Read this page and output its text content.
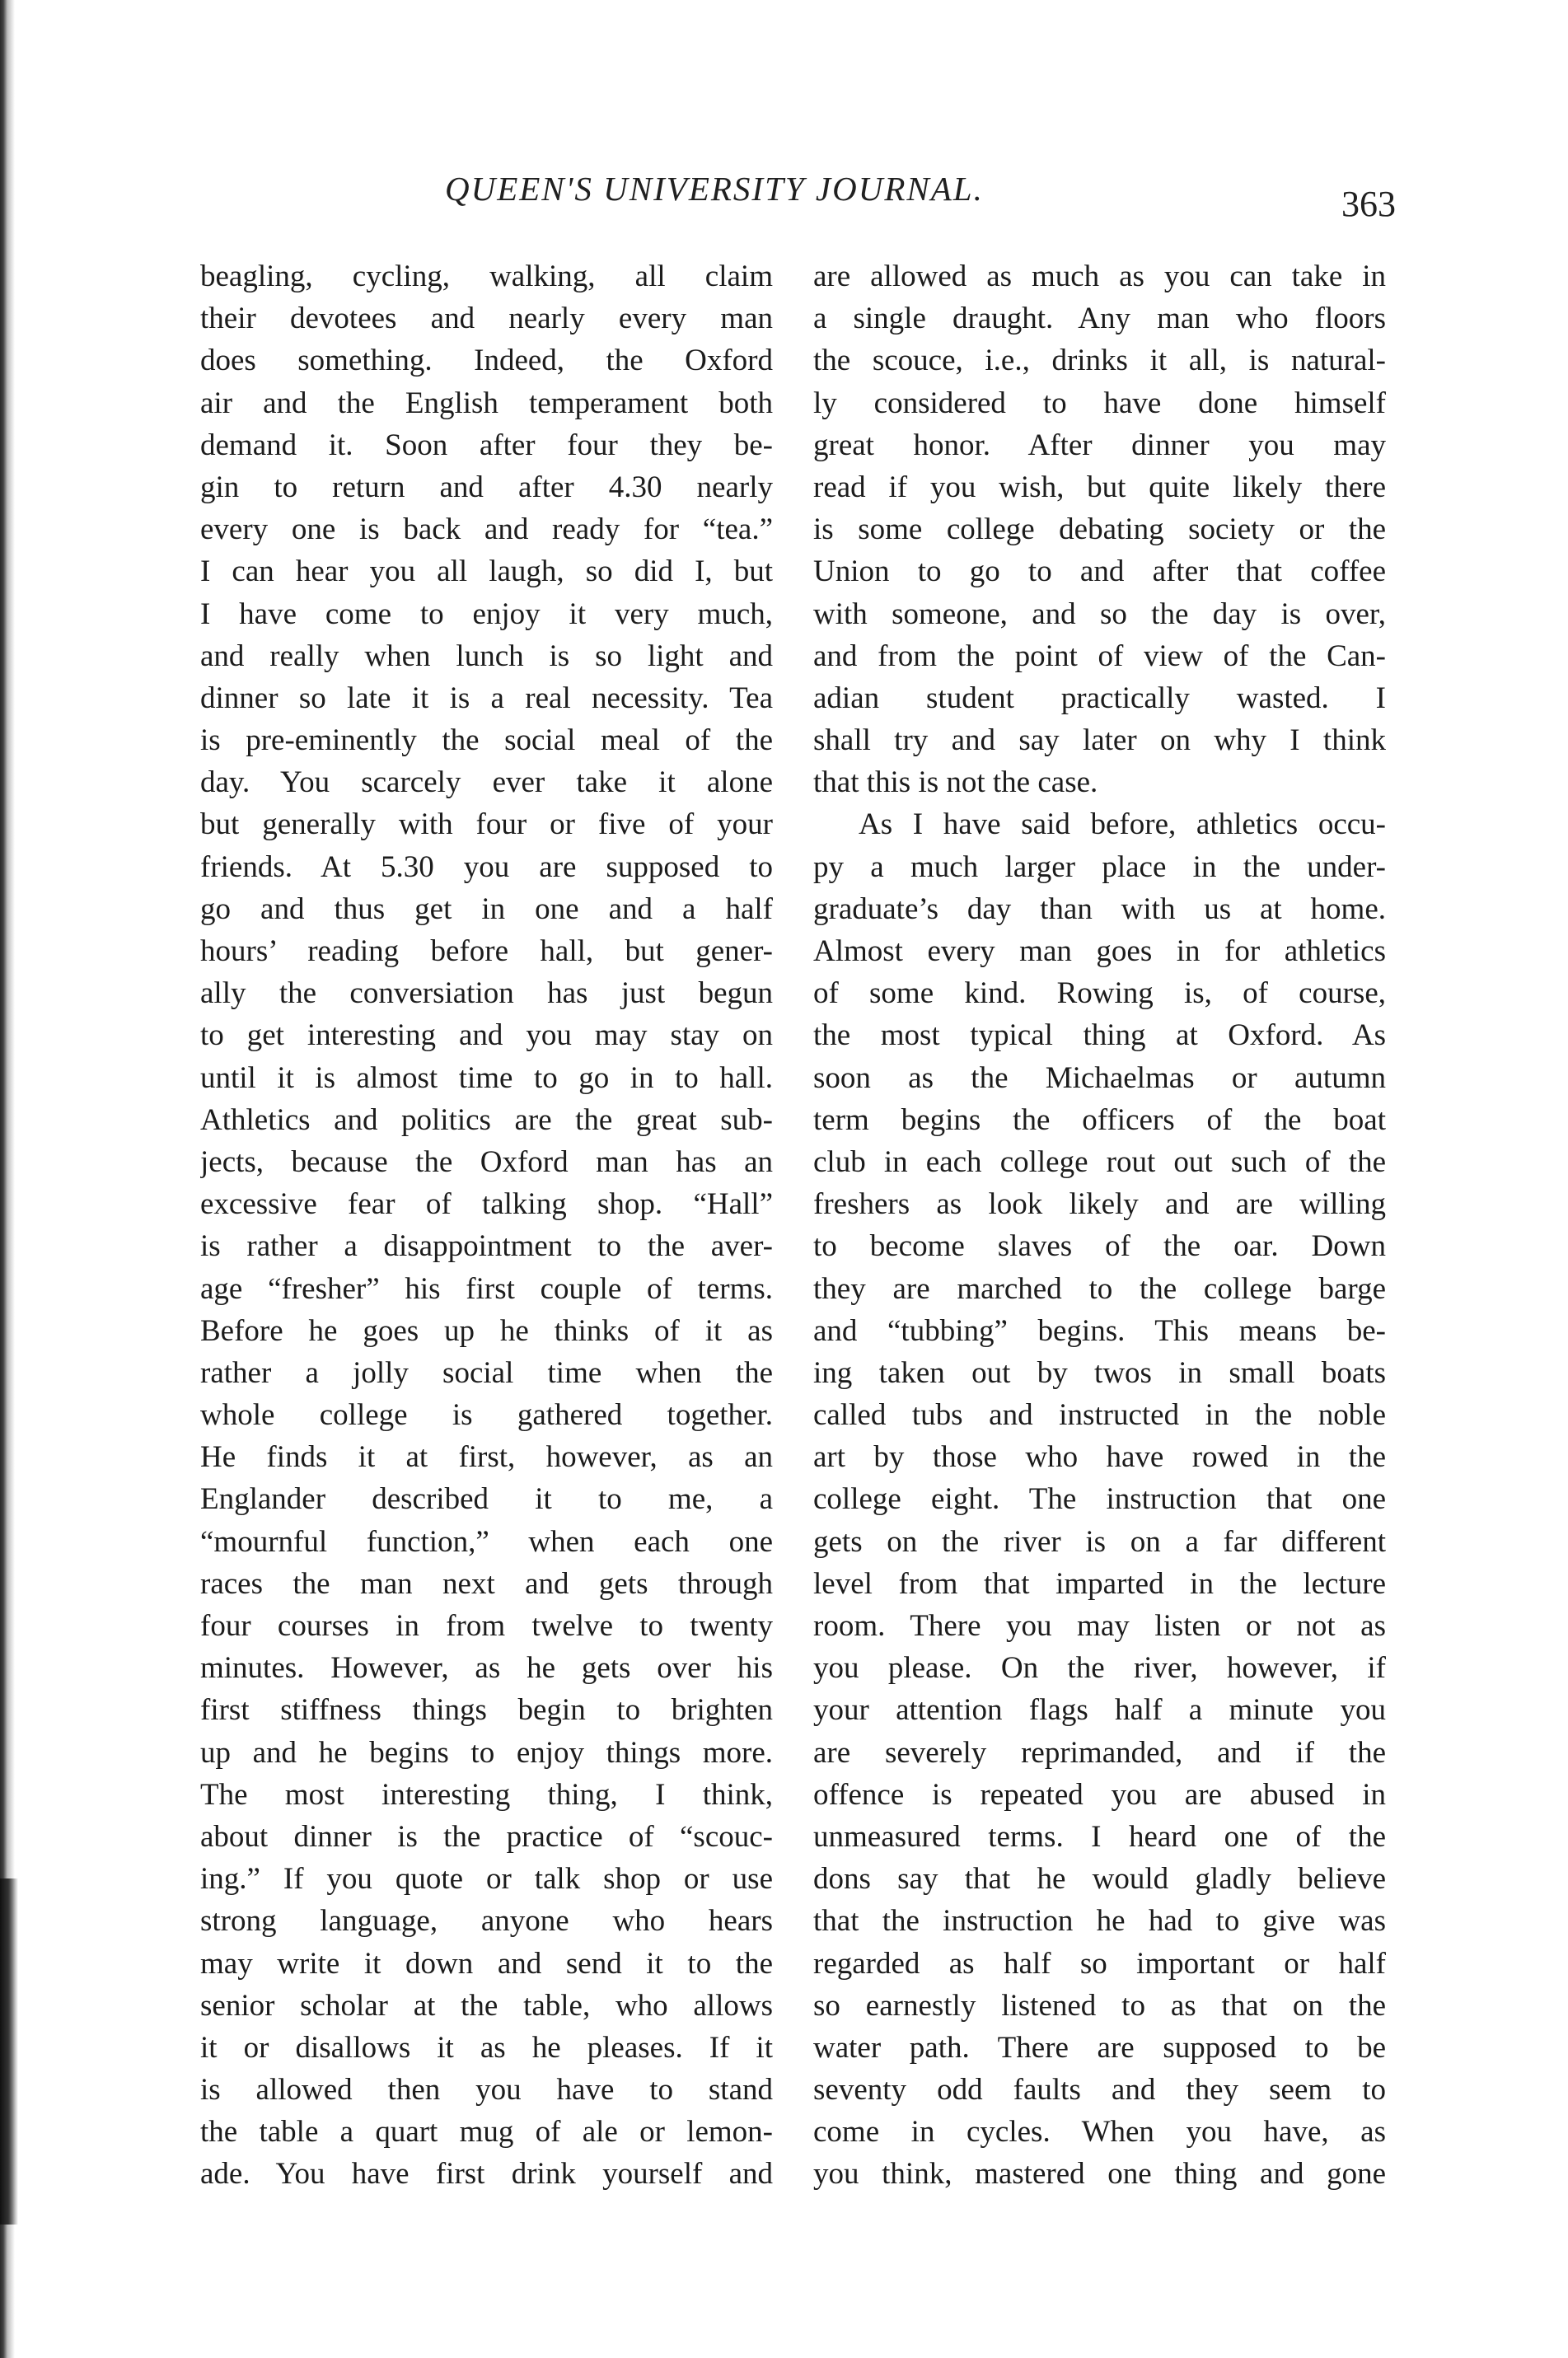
QUEEN'S UNIVERSITY JOURNAL.	363
beagling, cycling, walking, all claim
their devotees and nearly every man
does something. Indeed, the Oxford
air and the English temperament both
demand it. Soon after four they be-
gin to return and after 4.30 nearly
every one is back and ready for “tea.”
I can hear you all laugh, so did I, but
I have come to enjoy it very much,
and really when lunch is so light and
dinner so late it is a real necessity. Tea
is pre-eminently the social meal of the
day. You scarcely ever take it alone
but generally with four or five of your
friends. At 5.30 you are supposed to
go and thus get in one and a half
hours’ reading before hall, but gener-
ally the conversiation has just begun
to get interesting and you may stay on
until it is almost time to go in to hall.
Athletics and politics are the great sub-
jects, because the Oxford man has an
excessive fear of talking shop. “Hall”
is rather a disappointment to the aver-
age “fresher” his first couple of terms.
Before he goes up he thinks of it as
rather a jolly social time when the
whole college is gathered together.
He finds it at first, however, as an
Englander described it to me, a
“mournful function,” when each one
races the man next and gets through
four courses in from twelve to twenty
minutes. However, as he gets over his
first stiffness things begin to brighten
up and he begins to enjoy things more.
The most interesting thing, I think,
about dinner is the practice of “scouc-
ing.” If you quote or talk shop or use
strong language, anyone who hears
may write it down and send it to the
senior scholar at the table, who allows
it or disallows it as he pleases. If it
is allowed then you have to stand
the table a quart mug of ale or lemon-
ade. You have first drink yourself and
are allowed as much as you can take in
a single draught. Any man who floors
the scouce, i.e., drinks it all, is natural-
ly considered to have done himself
great honor. After dinner you may
read if you wish, but quite likely there
is some college debating society or the
Union to go to and after that coffee
with someone, and so the day is over,
and from the point of view of the Can-
adian student practically wasted. I
shall try and say later on why I think
that this is not the case.
As I have said before, athletics occu-
py a much larger place in the under-
graduate’s day than with us at home.
Almost every man goes in for athletics
of some kind. Rowing is, of course,
the most typical thing at Oxford. As
soon as the Michaelmas or autumn
term begins the officers of the boat
club in each college rout out such of the
freshers as look likely and are willing
to become slaves of the oar. Down
they are marched to the college barge
and “tubbing” begins. This means be-
ing taken out by twos in small boats
called tubs and instructed in the noble
art by those who have rowed in the
college eight. The instruction that one
gets on the river is on a far different
level from that imparted in the lecture
room. There you may listen or not as
you please. On the river, however, if
your attention flags half a minute you
are severely reprimanded, and if the
offence is repeated you are abused in
unmeasured terms. I heard one of the
dons say that he would gladly believe
that the instruction he had to give was
regarded as half so important or half
so earnestly listened to as that on the
water path. There are supposed to be
seventy odd faults and they seem to
come in cycles. When you have, as
you think, mastered one thing and gone
